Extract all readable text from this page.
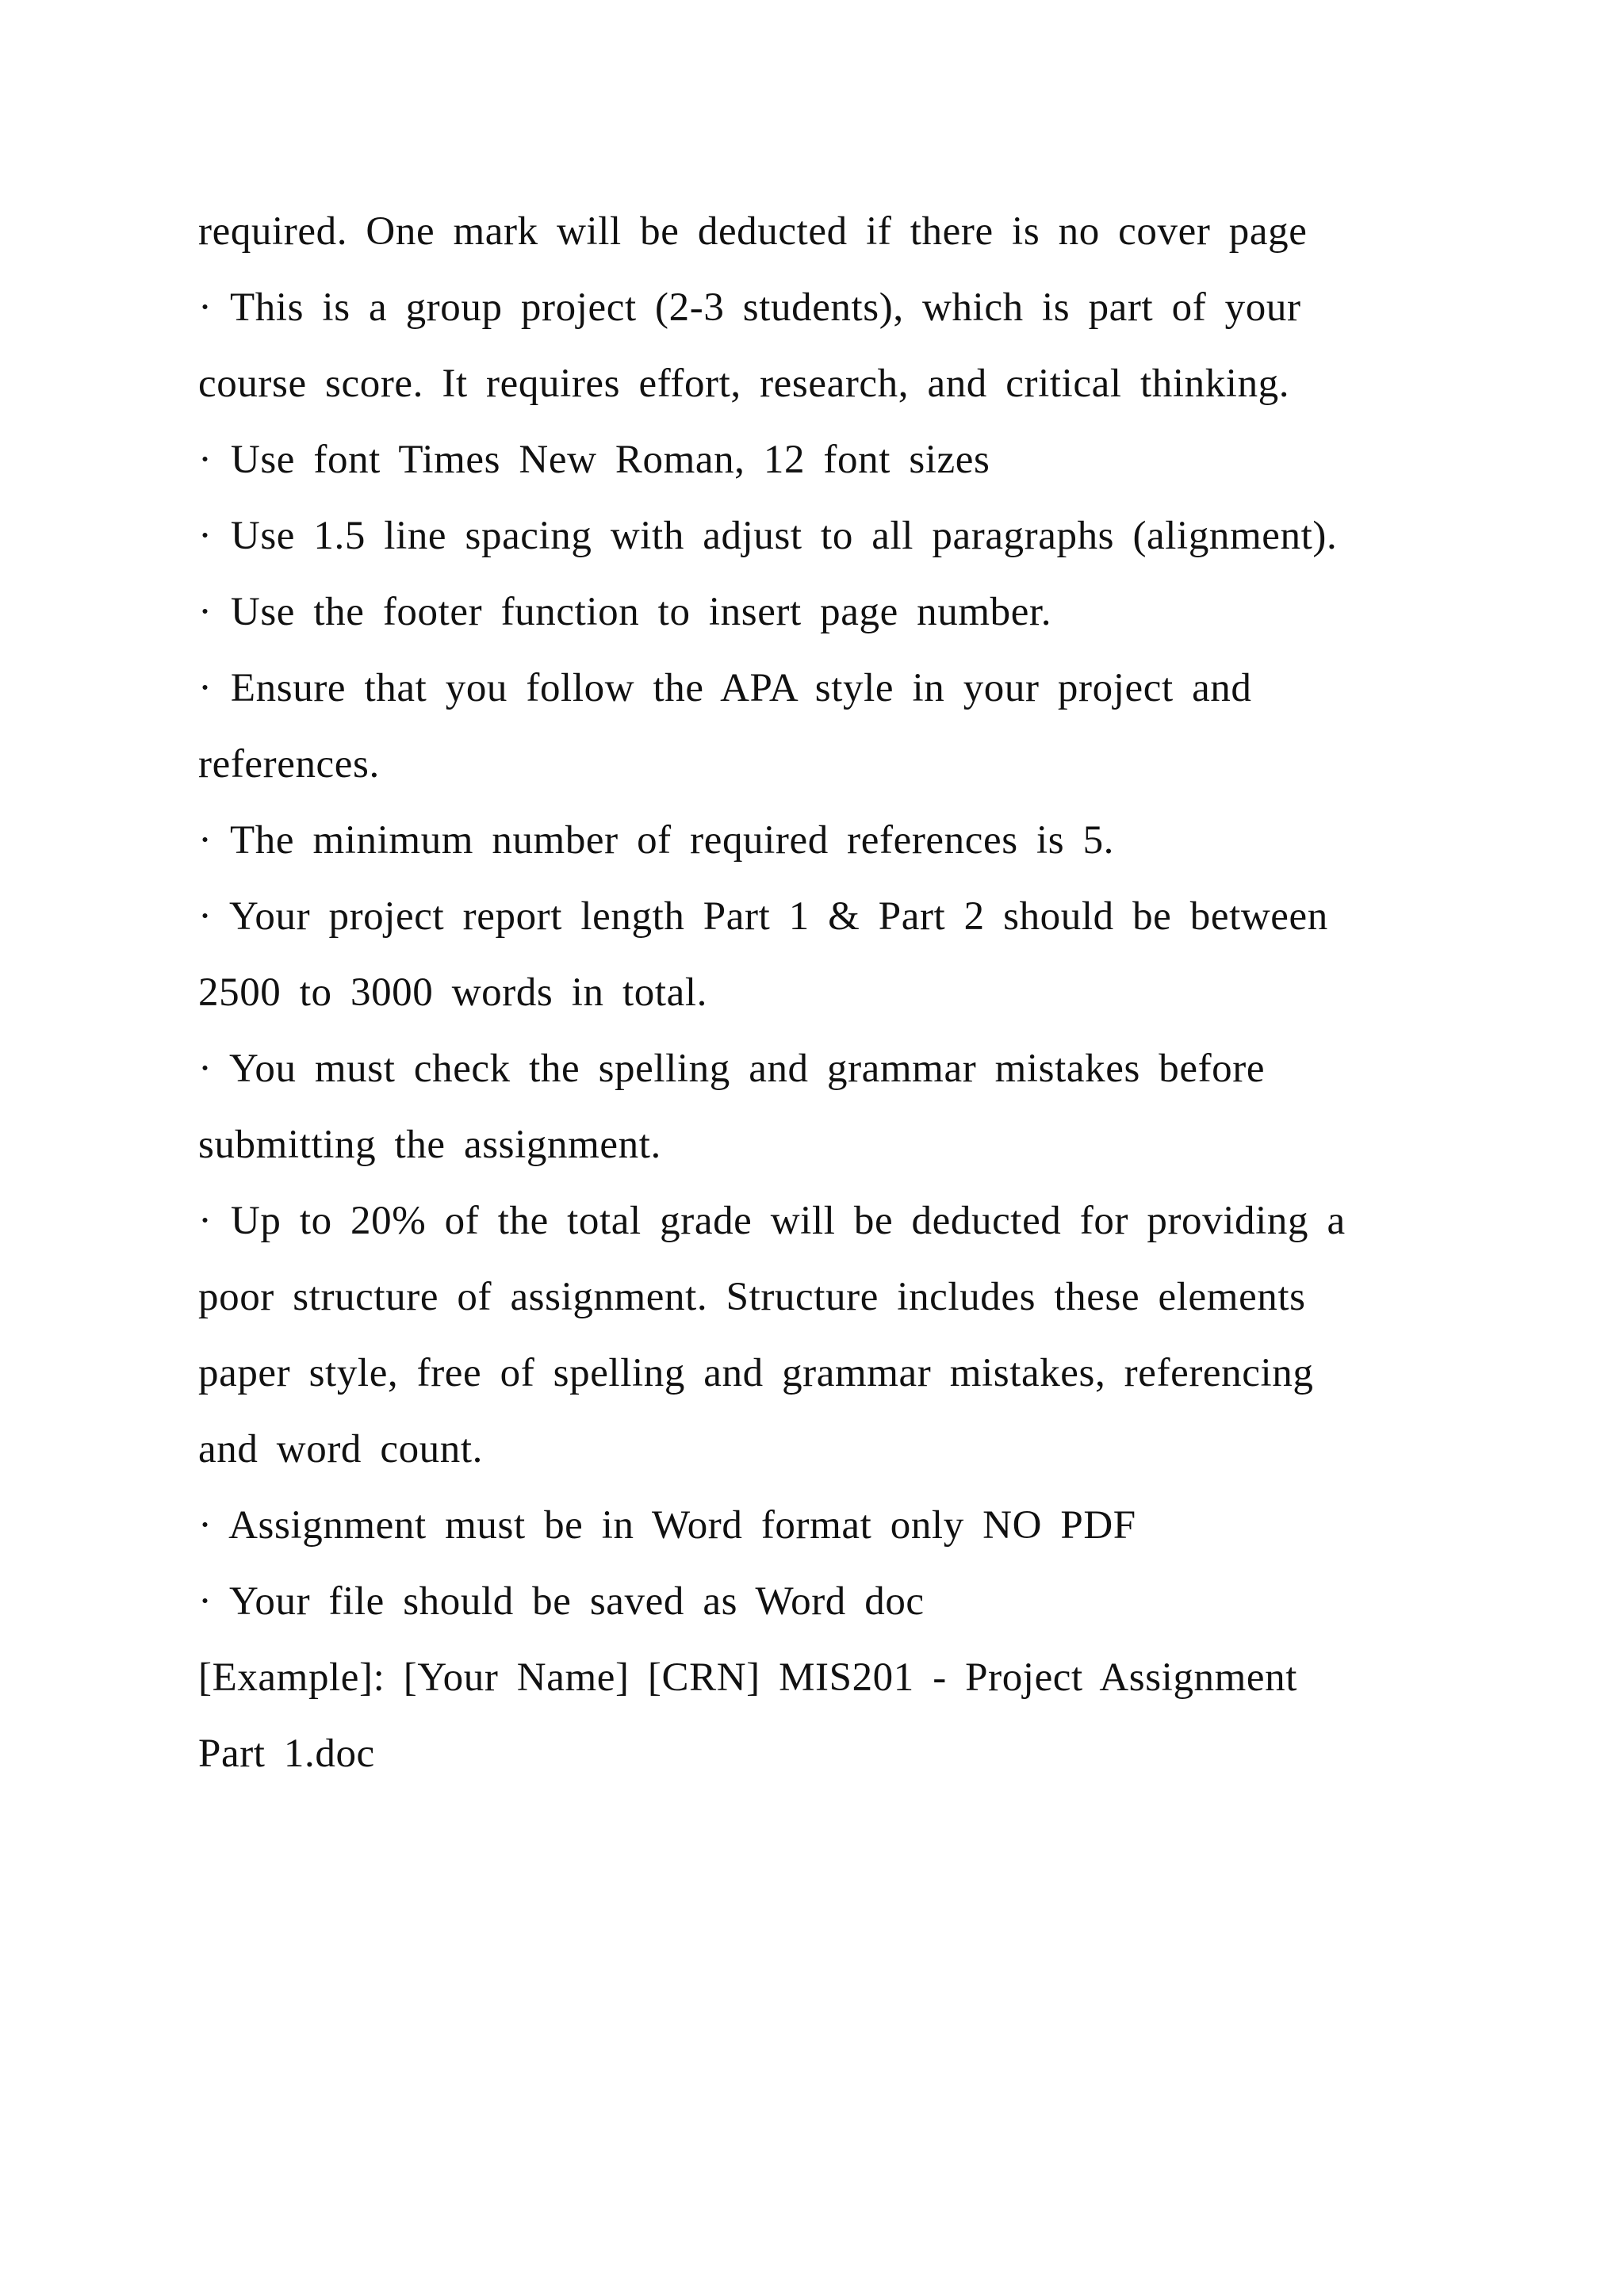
required. One mark will be deducted if there is no cover page
· This is a group project (2-3 students), which is part of your
course score. It requires effort, research, and critical thinking.
· Use font Times New Roman, 12 font sizes
· Use 1.5 line spacing with adjust to all paragraphs (alignment).
· Use the footer function to insert page number.
· Ensure that you follow the APA style in your project and
references.
· The minimum number of required references is 5.
· Your project report length Part 1 & Part 2 should be between
2500 to 3000 words in total.
· You must check the spelling and grammar mistakes before
submitting the assignment.
· Up to 20% of the total grade will be deducted for providing a
poor structure of assignment. Structure includes these elements
paper style, free of spelling and grammar mistakes, referencing
and word count.
· Assignment must be in Word format only NO PDF
· Your file should be saved as Word doc
[Example]: [Your Name] [CRN] MIS201 - Project Assignment
Part 1.doc
